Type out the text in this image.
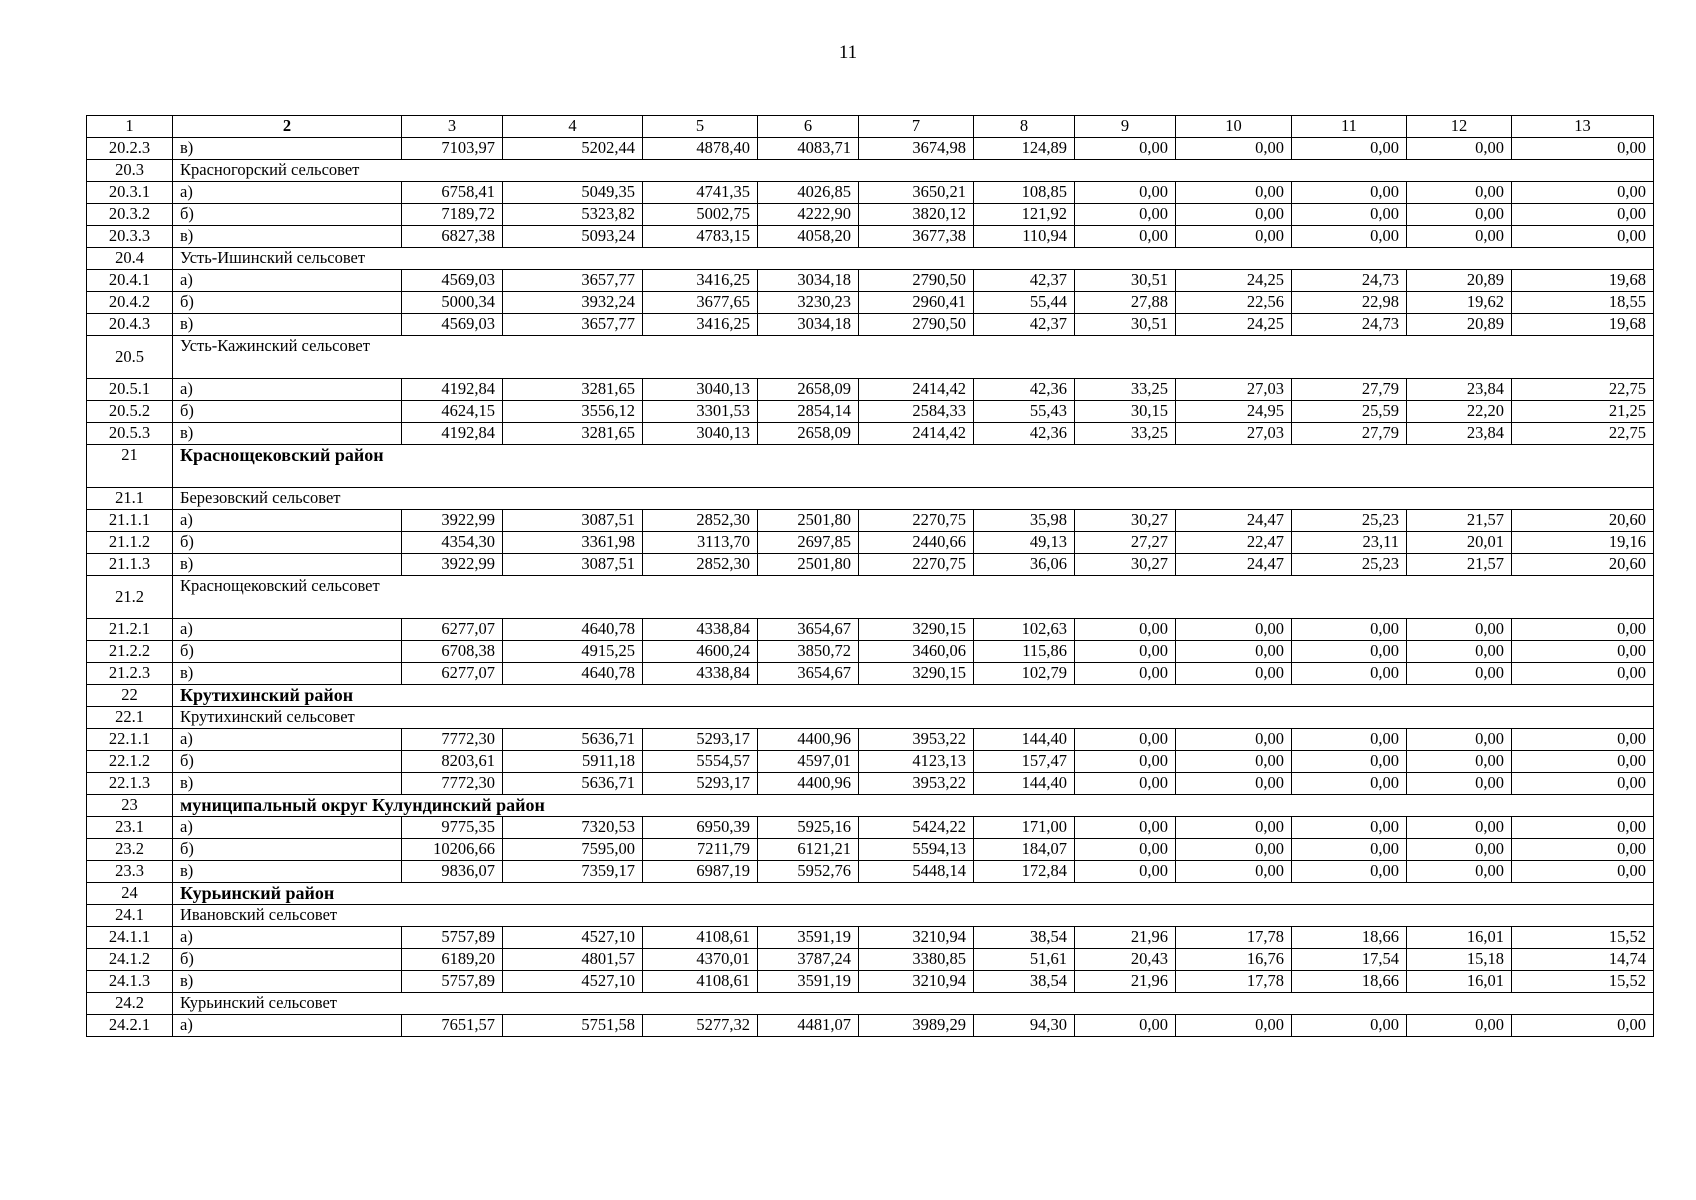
11
1	2	3	4	5	6	7	8	9	10	11	12	13
20.2.3	в)	7103,97	5202,44	4878,40	4083,71	3674,98	124,89	0,00	0,00	0,00	0,00	0,00
20.3	Красногорский сельсовет											
20.3.1	а)	6758,41	5049,35	4741,35	4026,85	3650,21	108,85	0,00	0,00	0,00	0,00	0,00
20.3.2	б)	7189,72	5323,82	5002,75	4222,90	3820,12	121,92	0,00	0,00	0,00	0,00	0,00
20.3.3	в)	6827,38	5093,24	4783,15	4058,20	3677,38	110,94	0,00	0,00	0,00	0,00	0,00
20.4	Усть-Ишинский сельсовет											
20.4.1	а)	4569,03	3657,77	3416,25	3034,18	2790,50	42,37	30,51	24,25	24,73	20,89	19,68
20.4.2	б)	5000,34	3932,24	3677,65	3230,23	2960,41	55,44	27,88	22,56	22,98	19,62	18,55
20.4.3	в)	4569,03	3657,77	3416,25	3034,18	2790,50	42,37	30,51	24,25	24,73	20,89	19,68
20.5	Усть-Кажинский сельсовет											

20.5.1	а)	4192,84	3281,65	3040,13	2658,09	2414,42	42,36	33,25	27,03	27,79	23,84	22,75
20.5.2	б)	4624,15	3556,12	3301,53	2854,14	2584,33	55,43	30,15	24,95	25,59	22,20	21,25
20.5.3	в)	4192,84	3281,65	3040,13	2658,09	2414,42	42,36	33,25	27,03	27,79	23,84	22,75
21	Краснощековский район											

21.1	Березовский сельсовет											
21.1.1	а)	3922,99	3087,51	2852,30	2501,80	2270,75	35,98	30,27	24,47	25,23	21,57	20,60
21.1.2	б)	4354,30	3361,98	3113,70	2697,85	2440,66	49,13	27,27	22,47	23,11	20,01	19,16
21.1.3	в)	3922,99	3087,51	2852,30	2501,80	2270,75	36,06	30,27	24,47	25,23	21,57	20,60
21.2	Краснощековский сельсовет											

21.2.1	а)	6277,07	4640,78	4338,84	3654,67	3290,15	102,63	0,00	0,00	0,00	0,00	0,00
21.2.2	б)	6708,38	4915,25	4600,24	3850,72	3460,06	115,86	0,00	0,00	0,00	0,00	0,00
21.2.3	в)	6277,07	4640,78	4338,84	3654,67	3290,15	102,79	0,00	0,00	0,00	0,00	0,00
22	Крутихинский район											
22.1	Крутихинский сельсовет											
22.1.1	а)	7772,30	5636,71	5293,17	4400,96	3953,22	144,40	0,00	0,00	0,00	0,00	0,00
22.1.2	б)	8203,61	5911,18	5554,57	4597,01	4123,13	157,47	0,00	0,00	0,00	0,00	0,00
22.1.3	в)	7772,30	5636,71	5293,17	4400,96	3953,22	144,40	0,00	0,00	0,00	0,00	0,00
23	муниципальный округ Кулундинский район											
23.1	а)	9775,35	7320,53	6950,39	5925,16	5424,22	171,00	0,00	0,00	0,00	0,00	0,00
23.2	б)	10206,66	7595,00	7211,79	6121,21	5594,13	184,07	0,00	0,00	0,00	0,00	0,00
23.3	в)	9836,07	7359,17	6987,19	5952,76	5448,14	172,84	0,00	0,00	0,00	0,00	0,00
24	Курьинский район											
24.1	Ивановский сельсовет											
24.1.1	а)	5757,89	4527,10	4108,61	3591,19	3210,94	38,54	21,96	17,78	18,66	16,01	15,52
24.1.2	б)	6189,20	4801,57	4370,01	3787,24	3380,85	51,61	20,43	16,76	17,54	15,18	14,74
24.1.3	в)	5757,89	4527,10	4108,61	3591,19	3210,94	38,54	21,96	17,78	18,66	16,01	15,52
24.2	Курьинский сельсовет											
24.2.1	а)	7651,57	5751,58	5277,32	4481,07	3989,29	94,30	0,00	0,00	0,00	0,00	0,00
